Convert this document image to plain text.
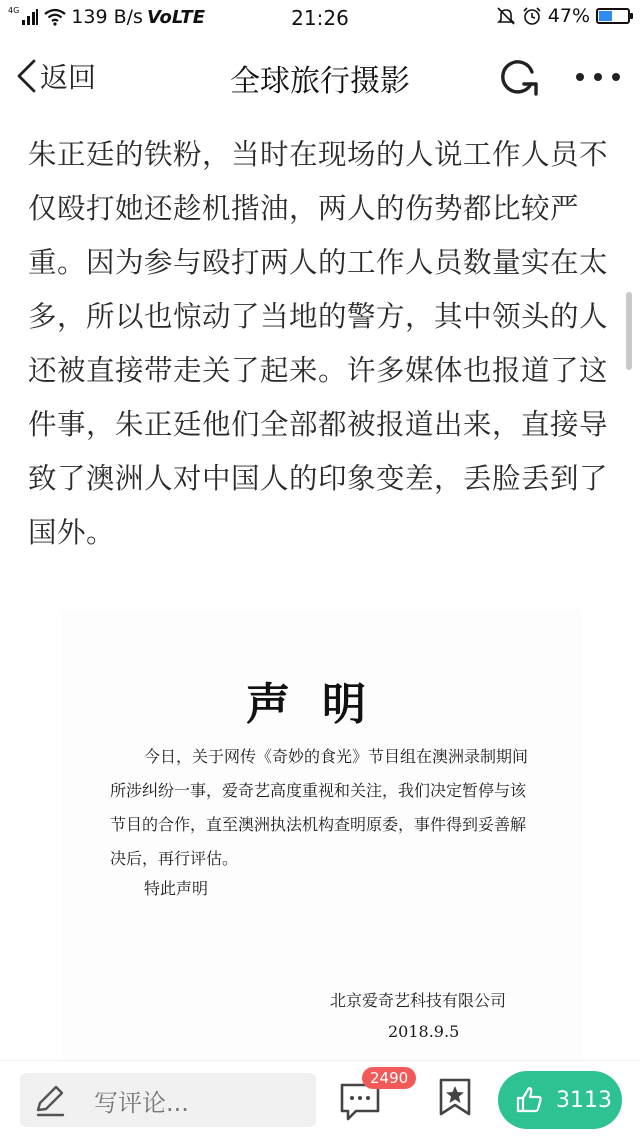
4G	139 B/s VoLTE	21:26	47%
返回	全球旅行摄影

朱正廷的铁粉，当时在现场的人说工作人员不仅殴打她还趁机揩油，两人的伤势都比较严重。因为参与殴打两人的工作人员数量实在太多，所以也惊动了当地的警方，其中领头的人还被直接带走关了起来。许多媒体也报道了这件事，朱正廷他们全部都被报道出来，直接导致了澳洲人对中国人的印象变差，丢脸丢到了国外。

声明
今日，关于网传《奇妙的食光》节目组在澳洲录制期间所涉纠纷一事，爱奇艺高度重视和关注，我们决定暂停与该节目的合作，直至澳洲执法机构查明原委，事件得到妥善解决后，再行评估。
特此声明
北京爱奇艺科技有限公司
2018.9.5
写评论...
2490
3113
